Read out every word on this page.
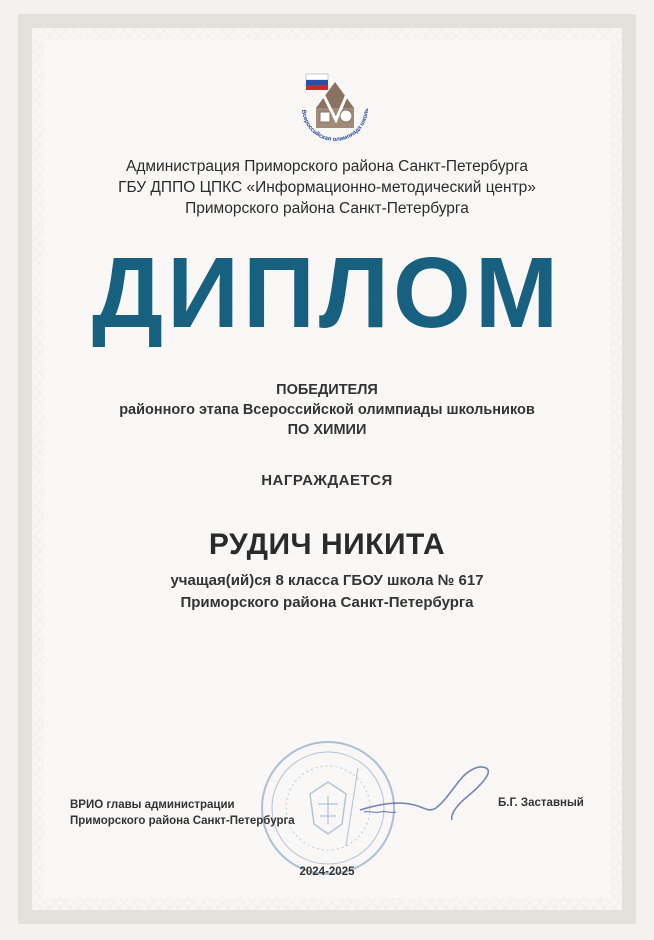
Всероссийская олимпиада школь
Администрация Приморского района Санкт-Петербурга
ГБУ ДППО ЦПКС «Информационно-методический центр»
Приморского района Санкт-Петербурга
ДИПЛОМ
ПОБЕДИТЕЛЯ
районного этапа Всероссийской олимпиады школьников
ПО ХИМИИ
НАГРАЖДАЕТСЯ
РУДИЧ НИКИТА
учащая(ий)ся 8 класса ГБОУ школа № 617
Приморского района Санкт-Петербурга
ВРИО главы администрации
Приморского района Санкт-Петербурга
Б.Г. Заставный
2024-2025
